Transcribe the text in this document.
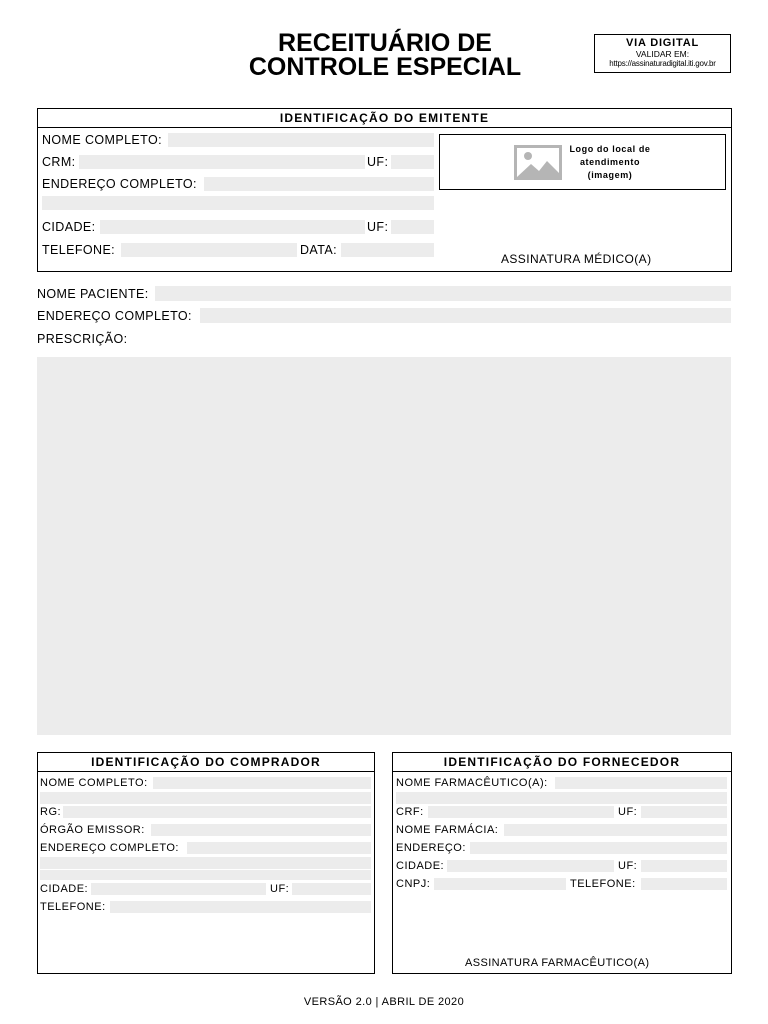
RECEITUÁRIO DE
CONTROLE ESPECIAL
VIA DIGITAL
VALIDAR EM:
https://assinaturadigital.iti.gov.br
IDENTIFICAÇÃO DO EMITENTE
NOME COMPLETO:
CRM:	UF:
ENDEREÇO COMPLETO:
CIDADE:	UF:
TELEFONE:	DATA:
Logo do local de
atendimento
(imagem)
ASSINATURA MÉDICO(A)
NOME PACIENTE:
ENDEREÇO COMPLETO:
PRESCRIÇÃO:
IDENTIFICAÇÃO DO COMPRADOR
NOME COMPLETO:
RG:
ÓRGÃO EMISSOR:
ENDEREÇO COMPLETO:
CIDADE:	UF:
TELEFONE:
IDENTIFICAÇÃO DO FORNECEDOR
NOME FARMACÊUTICO(A):
CRF:	UF:
NOME FARMÁCIA:
ENDEREÇO:
CIDADE:	UF:
CNPJ:	TELEFONE:
ASSINATURA FARMACÊUTICO(A)
VERSÃO 2.0 | ABRIL DE 2020
